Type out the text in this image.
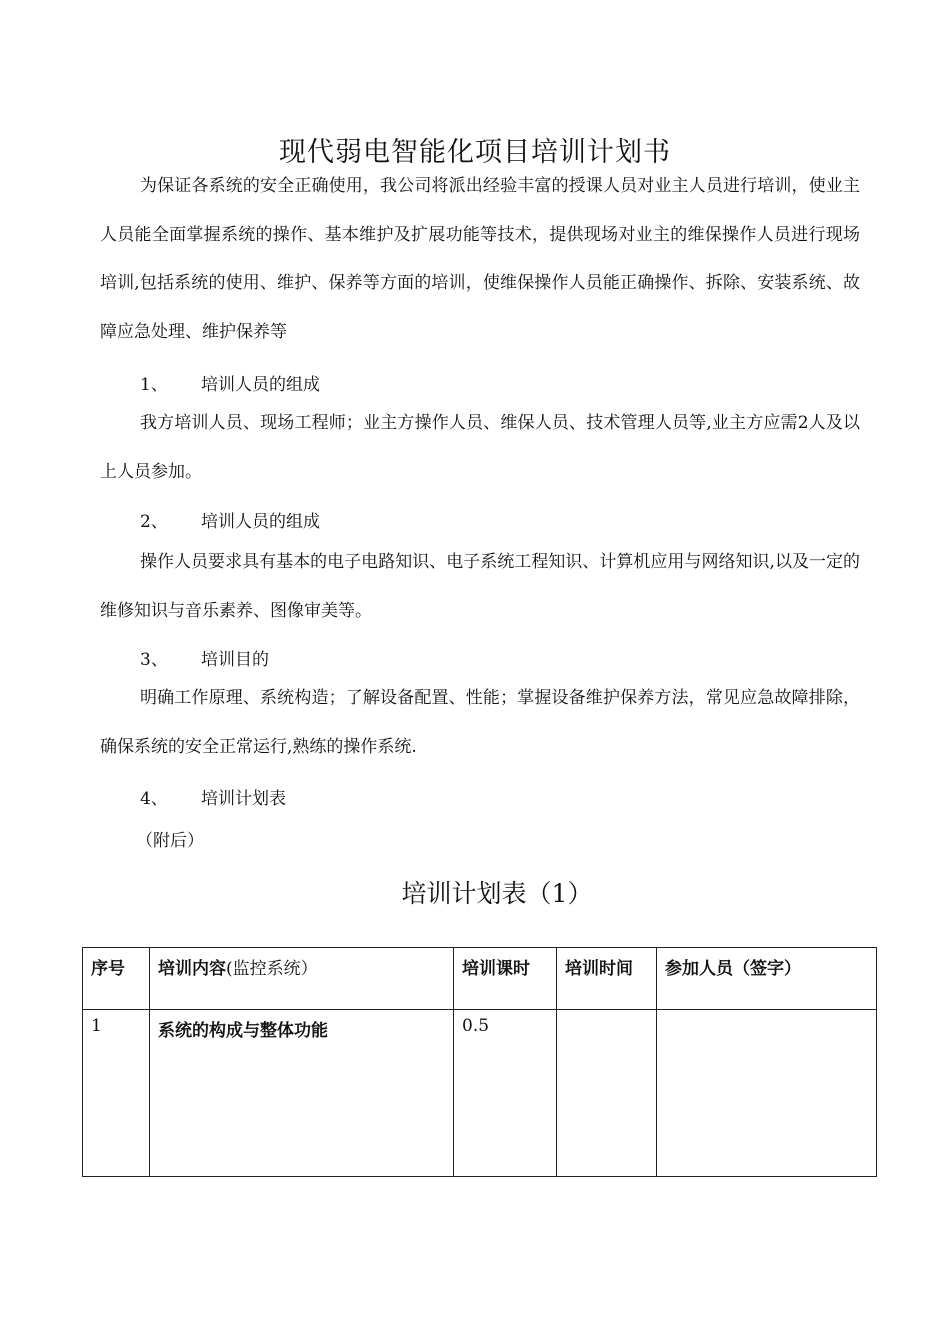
现代弱电智能化项目培训计划书

为保证各系统的安全正确使用，我公司将派出经验丰富的授课人员对业主人员进行培训，使业主人员能全面掌握系统的操作、基本维护及扩展功能等技术，提供现场对业主的维保操作人员进行现场培训,包括系统的使用、维护、保养等方面的培训，使维保操作人员能正确操作、拆除、安装系统、故障应急处理、维护保养等

1、 培训人员的组成

我方培训人员、现场工程师；业主方操作人员、维保人员、技术管理人员等,业主方应需2人及以上人员参加。

2、 培训人员的组成

操作人员要求具有基本的电子电路知识、电子系统工程知识、计算机应用与网络知识,以及一定的维修知识与音乐素养、图像审美等。

3、 培训目的

明确工作原理、系统构造；了解设备配置、性能；掌握设备维护保养方法，常见应急故障排除，确保系统的安全正常运行,熟练的操作系统.

4、 培训计划表
（附后）
培训计划表（1）
序号	培训内容(监控系统）	培训课时	培训时间	参加人员（签字）
1	系统的构成与整体功能	0.5		
